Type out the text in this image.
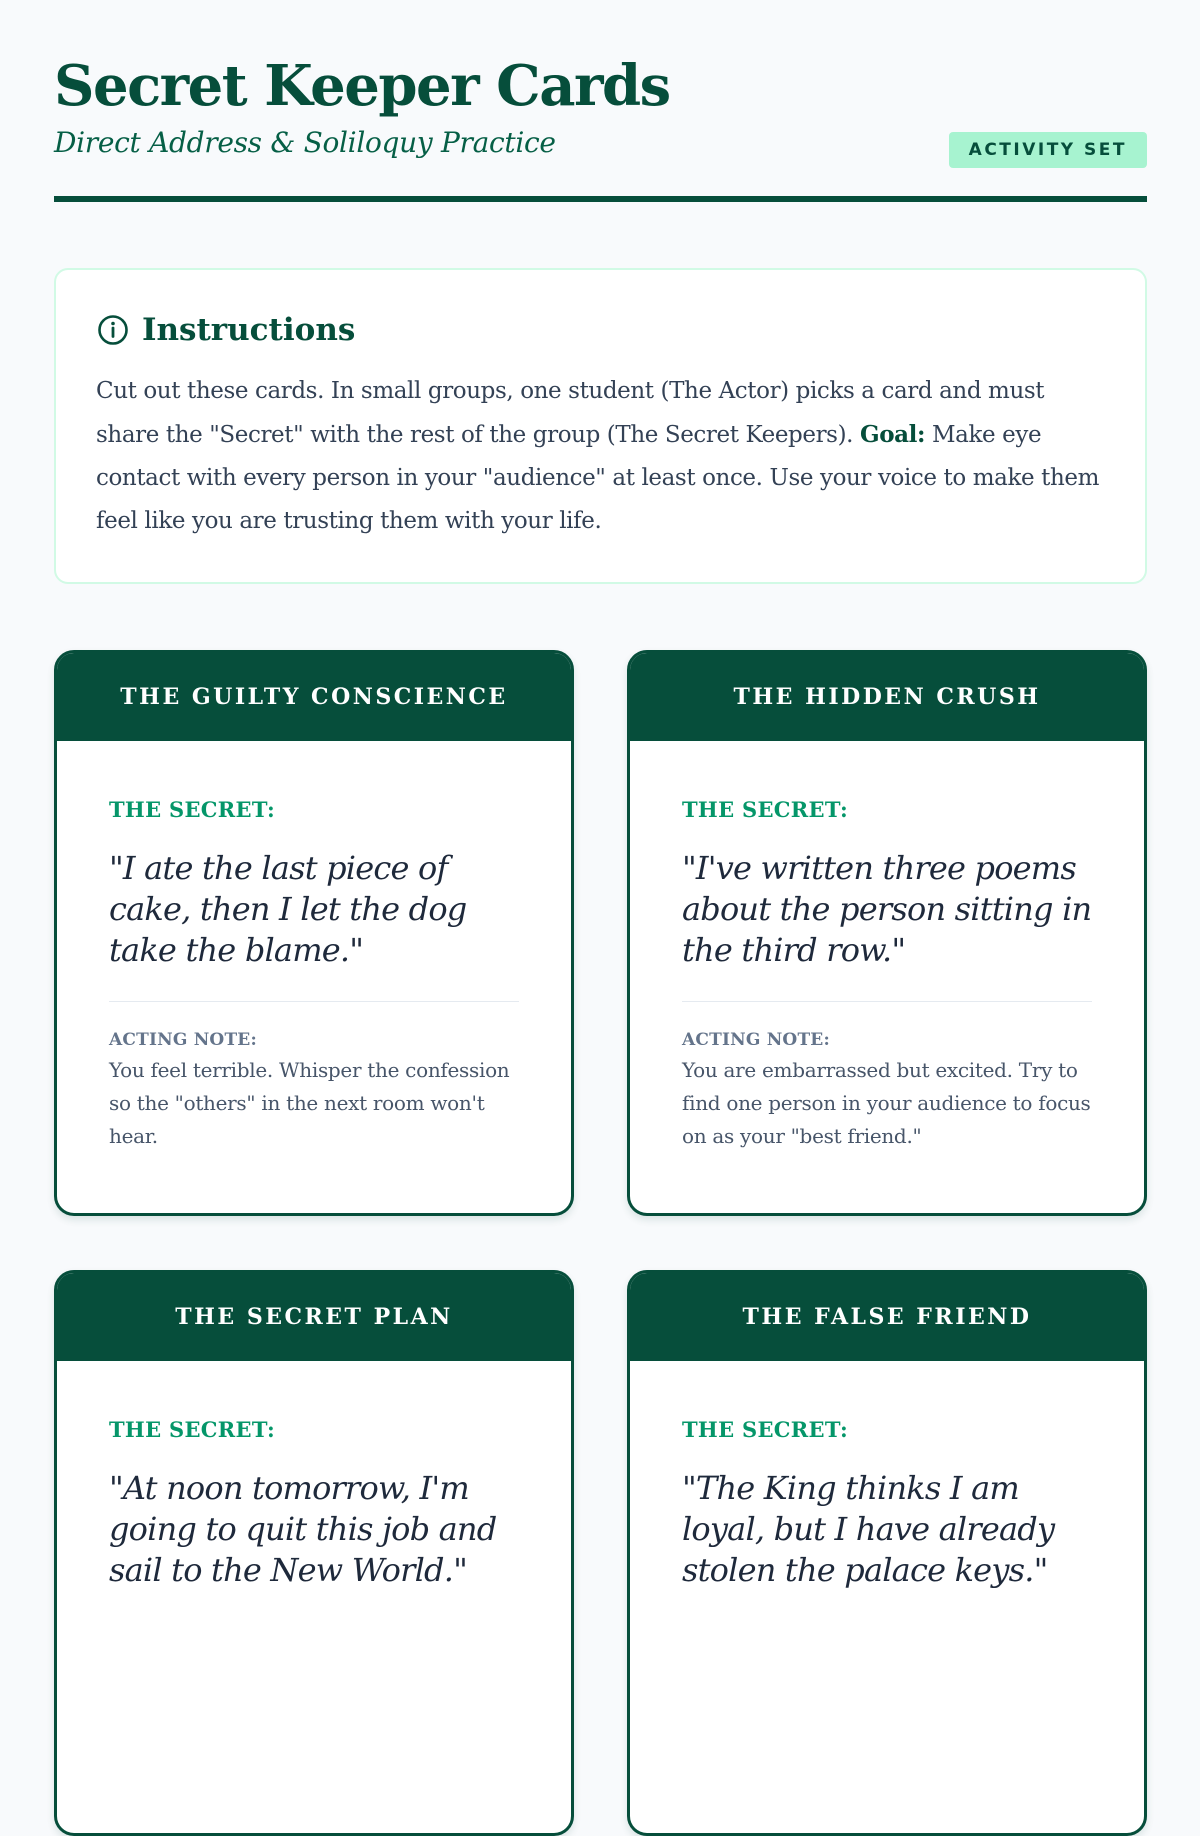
Secret Keeper Cards
Direct Address & Soliloquy Practice	ACTIVITY SET
Instructions
Cut out these cards. In small groups, one student (The Actor) picks a card and must share the "Secret" with the rest of the group (The Secret Keepers). Goal: Make eye contact with every person in your "audience" at least once. Use your voice to make them feel like you are trusting them with your life.
THE GUILTY CONSCIENCE
THE SECRET:
"I ate the last piece of cake, then I let the dog take the blame."
ACTING NOTE:
You feel terrible. Whisper the confession so the "others" in the next room won't hear.
THE HIDDEN CRUSH
THE SECRET:
"I've written three poems about the person sitting in the third row."
ACTING NOTE:
You are embarrassed but excited. Try to find one person in your audience to focus on as your "best friend."
THE SECRET PLAN
THE SECRET:
"At noon tomorrow, I'm going to quit this job and sail to the New World."
THE FALSE FRIEND
THE SECRET:
"The King thinks I am loyal, but I have already stolen the palace keys."
